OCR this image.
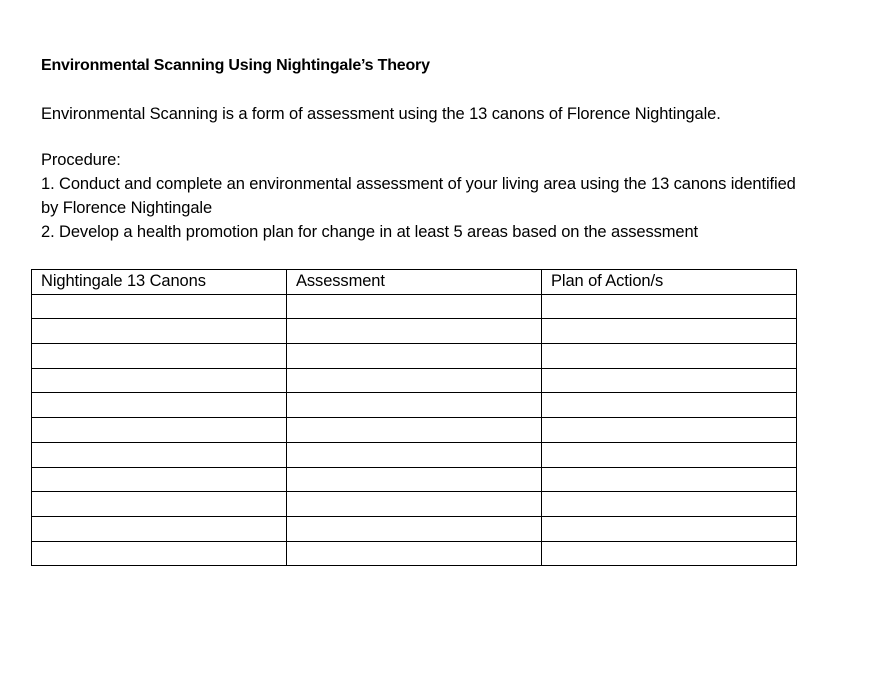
Environmental Scanning Using Nightingale’s Theory

Environmental Scanning is a form of assessment using the 13 canons of Florence Nightingale.

Procedure:

1. Conduct and complete an environmental assessment of your living area using the 13 canons identified by Florence Nightingale
2. Develop a health promotion plan for change in at least 5 areas based on the assessment
Nightingale 13 Canons	Assessment	Plan of Action/s
